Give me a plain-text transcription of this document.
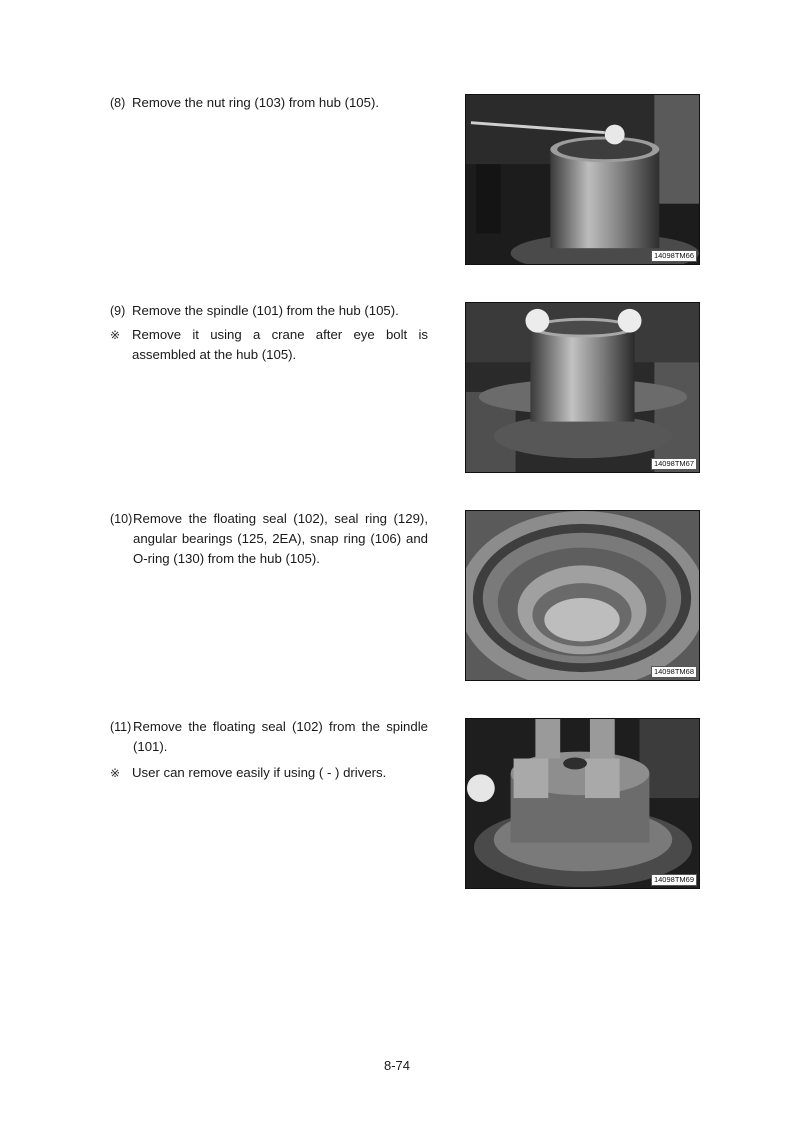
(8) Remove the nut ring (103) from hub (105).
14098TM66
(9) Remove the spindle (101) from the hub (105).
※ Remove it using a crane after eye bolt is assembled at the hub (105).
14098TM67
(10) Remove the floating seal (102), seal ring (129), angular bearings (125, 2EA), snap ring (106) and O-ring (130) from the hub (105).
14098TM68
(11) Remove the floating seal (102) from the spindle (101).
※ User can remove easily if using ( - ) drivers.
14098TM69
8-74
